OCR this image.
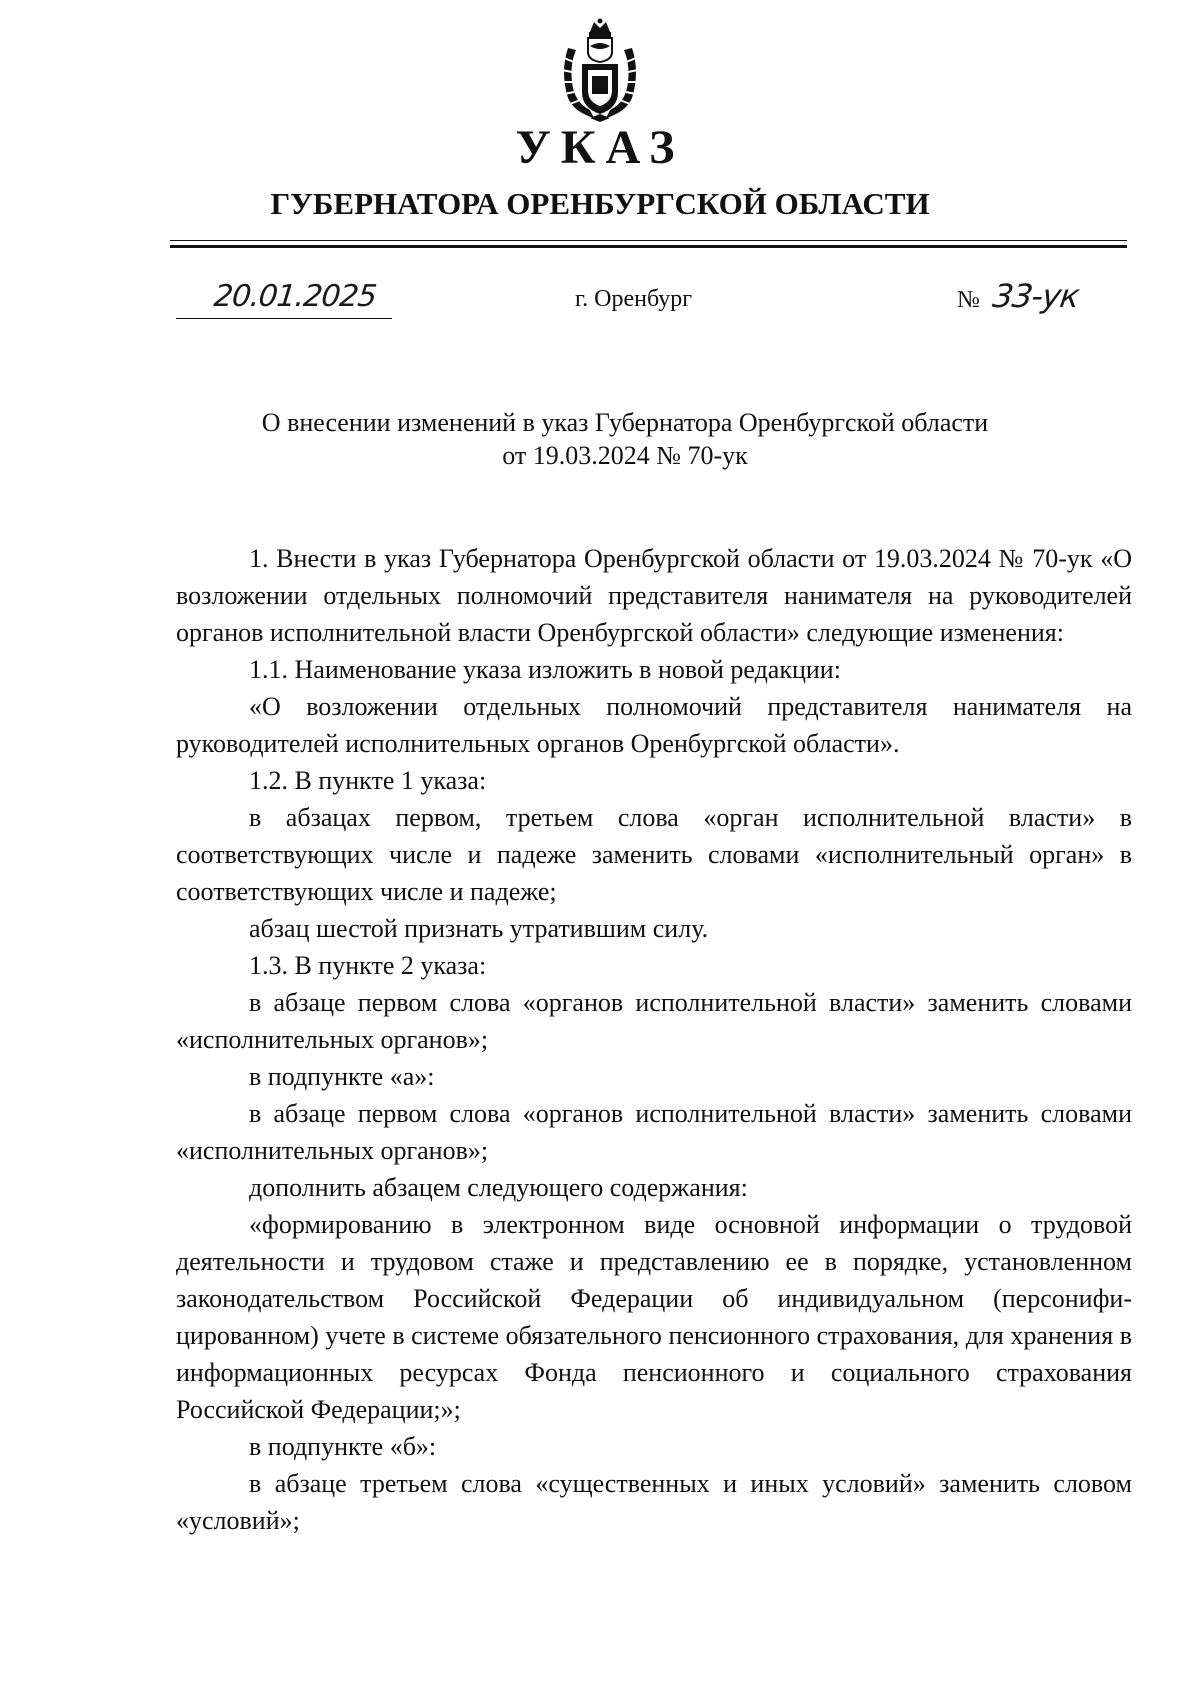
УКАЗ
ГУБЕРНАТОРА ОРЕНБУРГСКОЙ ОБЛАСТИ
20.01.2025	г. Оренбург	№ 33-ук
О внесении изменений в указ Губернатора Оренбургской области
от 19.03.2024 № 70-ук

1. Внести в указ Губернатора Оренбургской области от 19.03.2024 № 70-ук «О возложении отдельных полномочий представителя нанимателя на руководителей органов исполнительной власти Оренбургской области» следующие изменения:

1.1. Наименование указа изложить в новой редакции:

«О возложении отдельных полномочий представителя нанимателя на руководителей исполнительных органов Оренбургской области».

1.2. В пункте 1 указа:

в абзацах первом, третьем слова «орган исполнительной власти» в соответствующих числе и падеже заменить словами «исполнительный орган» в соответствующих числе и падеже;

абзац шестой признать утратившим силу.

1.3. В пункте 2 указа:

в абзаце первом слова «органов исполнительной власти» заменить словами «исполнительных органов»;

в подпункте «а»:

в абзаце первом слова «органов исполнительной власти» заменить словами «исполнительных органов»;

дополнить абзацем следующего содержания:

«формированию в электронном виде основной информации о трудовой деятельности и трудовом стаже и представлению ее в порядке, установленном законодательством Российской Федерации об индивидуальном (персонифи-цированном) учете в системе обязательного пенсионного страхования, для хранения в информационных ресурсах Фонда пенсионного и социального страхования Российской Федерации;»;

в подпункте «б»:

в абзаце третьем слова «существенных и иных условий» заменить словом «условий»;
